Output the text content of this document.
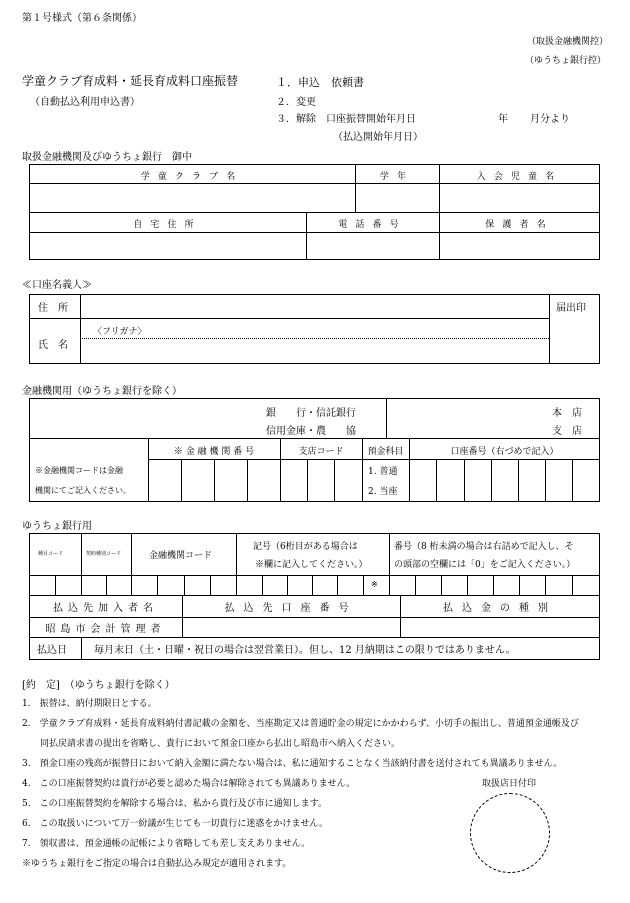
第１号様式（第６条関係）
（取扱金融機関控）
（ゆうちょ銀行控）
学童クラブ育成料・延長育成料口座振替
（自動払込利用申込書）
１．申込　依頼書
２．変更
３．解除　口座振替開始年月日	年 月分より
（払込開始年月日）
取扱金融機関及びゆうちょ銀行　御中
学童クラブ名	学年	入会児童名
自宅住所	電話番号	保護者名
≪口座名義人≫
住　所	届出印
〈フリガナ〉
氏　名
金融機関用（ゆうちょ銀行を除く）
銀　　行・信託銀行
信用金庫・農　　協
本　店
支　店
※ 金 融 機 関 番 号	支店コード	預金科目	口座番号（右づめで記入）
※金融機関コードは金融
機関にてご記入ください。
1. 普通
2. 当座
ゆうちょ銀行用
種目コード	契約種別コード	金融機関コード
記号（6桁目がある場合は
※欄に記入してください。）
番号（8 桁未満の場合は右詰めで記入し、そ
の頭部の空欄には「0」をご記入ください。）
※
払込先加入者名	払込先口座番号	払込金の種別
昭島市会計管理者
払込日	毎月末日（土・日曜・祝日の場合は翌営業日）。但し、12 月納期はこの限りではありません。
[約　定]　（ゆうちょ銀行を除く）
1.　振替は、納付期限日とする。
2.　学童クラブ育成料・延長育成料納付書記載の金額を、当座勘定又は普通貯金の規定にかかわらず、小切手の振出し、普通預金通帳及び
　　同払戻請求書の提出を省略し、貴行において預金口座から払出し昭島市へ納入ください。
3.　預金口座の残高が振替日において納入金額に満たない場合は、私に通知することなく当該納付書を送付されても異議ありません。
4.　この口座振替契約は貴行が必要と認めた場合は解除されても異議ありません。
5.　この口座振替契約を解除する場合は、私から貴行及び市に通知します。
6.　この取扱いについて万一紛議が生じても一切貴行に迷惑をかけません。
7.　領収書は、預金通帳の記帳により省略しても差し支えありません。
※ゆうちょ銀行をご指定の場合は自動払込み規定が適用されます。
取扱店日付印
